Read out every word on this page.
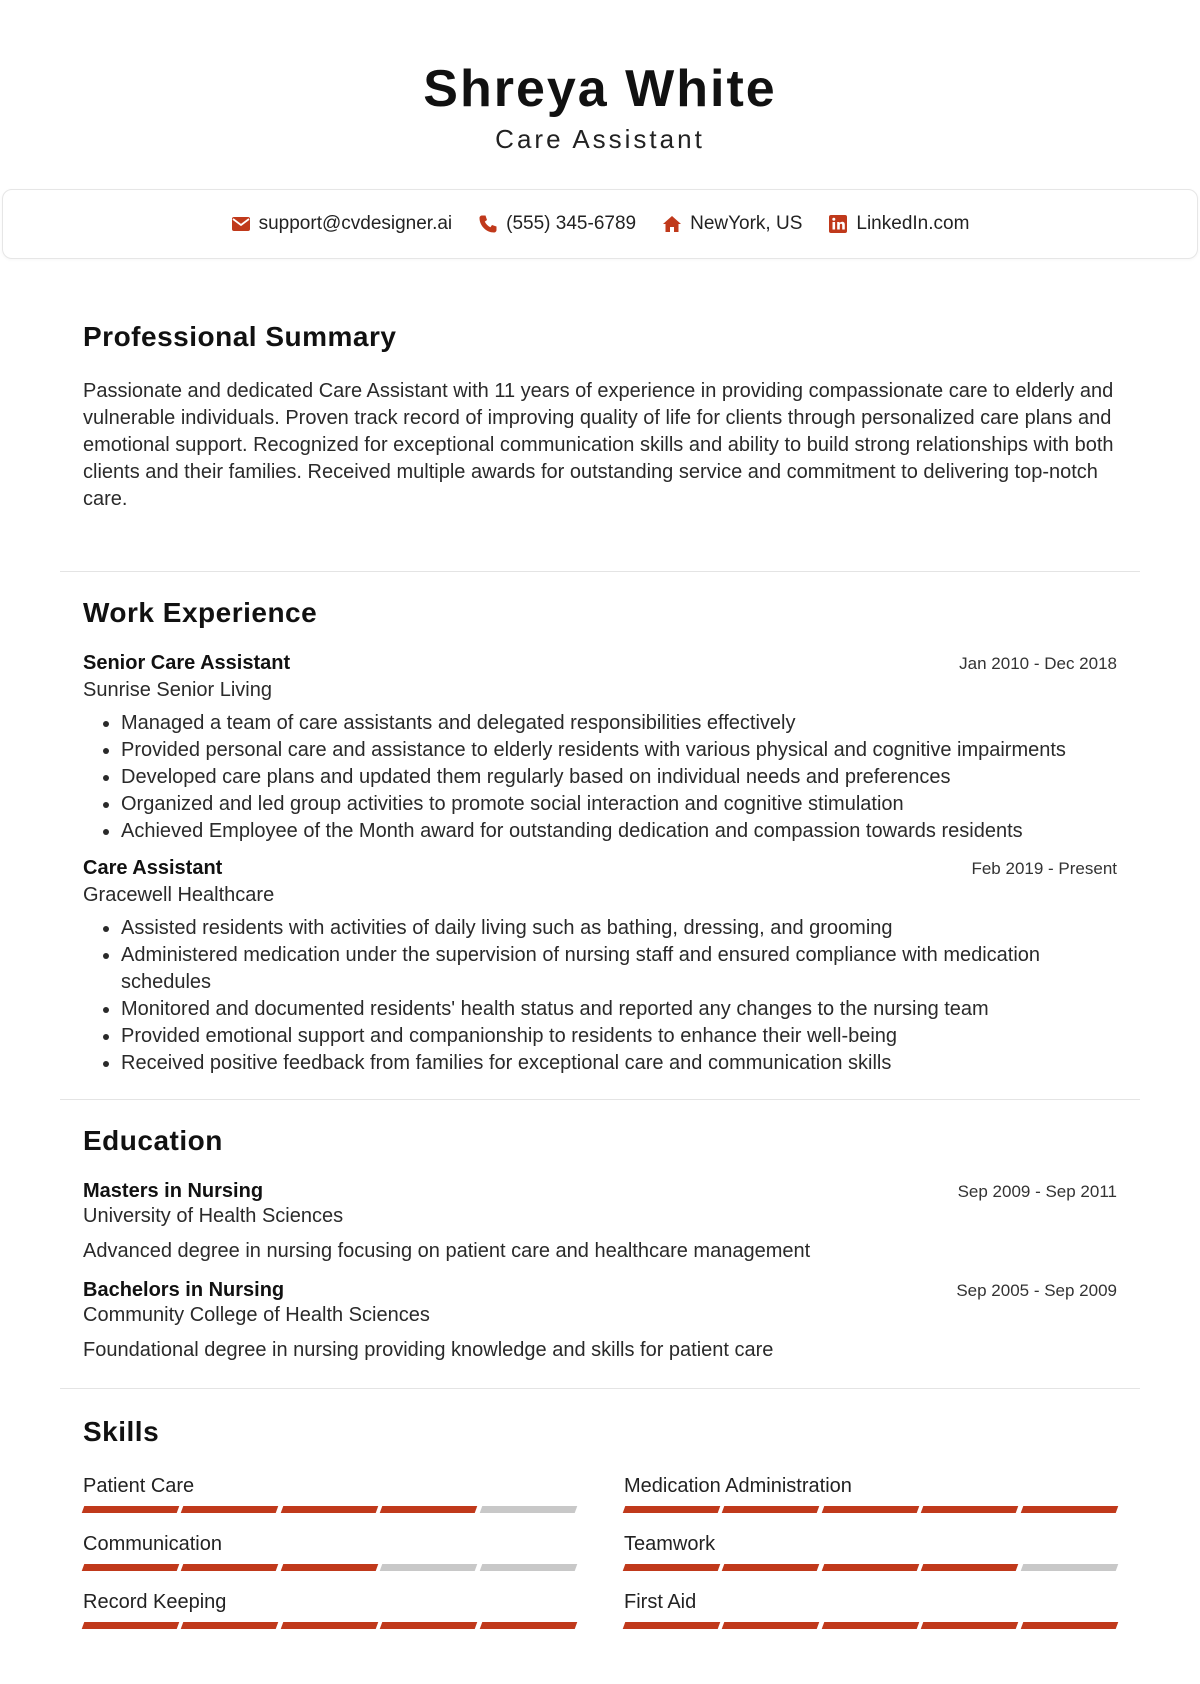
Shreya White
Care Assistant
support@cvdesigner.ai	(555) 345-6789	NewYork, US	LinkedIn.com
Professional Summary

Passionate and dedicated Care Assistant with 11 years of experience in providing compassionate care to elderly and vulnerable individuals. Proven track record of improving quality of life for clients through personalized care plans and emotional support. Recognized for exceptional communication skills and ability to build strong relationships with both clients and their families. Received multiple awards for outstanding service and commitment to delivering top-notch care.

Work Experience
Senior Care Assistant	Jan 2010 - Dec 2018
Sunrise Senior Living
• Managed a team of care assistants and delegated responsibilities effectively
• Provided personal care and assistance to elderly residents with various physical and cognitive impairments
• Developed care plans and updated them regularly based on individual needs and preferences
• Organized and led group activities to promote social interaction and cognitive stimulation
• Achieved Employee of the Month award for outstanding dedication and compassion towards residents
Care Assistant	Feb 2019 - Present
Gracewell Healthcare
• Assisted residents with activities of daily living such as bathing, dressing, and grooming
• Administered medication under the supervision of nursing staff and ensured compliance with medication schedules
• Monitored and documented residents' health status and reported any changes to the nursing team
• Provided emotional support and companionship to residents to enhance their well-being
• Received positive feedback from families for exceptional care and communication skills
Education
Masters in Nursing	Sep 2009 - Sep 2011
University of Health Sciences
Advanced degree in nursing focusing on patient care and healthcare management
Bachelors in Nursing	Sep 2005 - Sep 2009
Community College of Health Sciences
Foundational degree in nursing providing knowledge and skills for patient care
Skills
Patient Care	Medication Administration
Communication	Teamwork
Record Keeping	First Aid
